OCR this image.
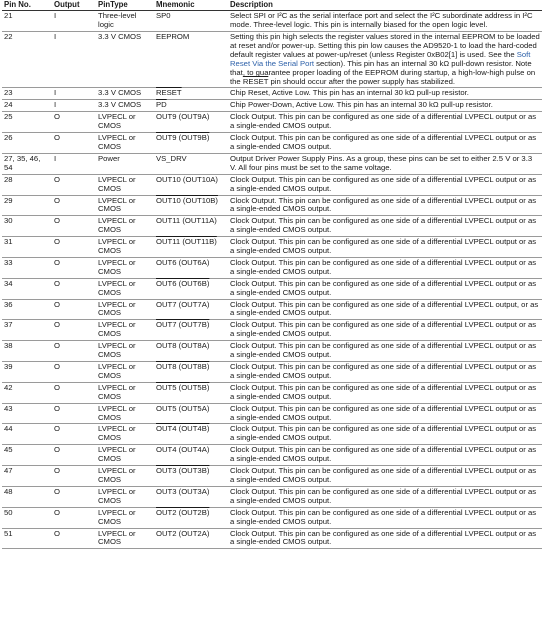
Pin No.	Output	PinType	Mnemonic	Description
21	I	Three-level logic	SP0	Select SPI or I²C as the serial interface port and select the I²C subordinate address in I²C mode. Three-level logic. This pin is internally biased for the open logic level.
22	I	3.3 V CMOS	EEPROM	Setting this pin high selects the register values stored in the internal EEPROM to be loaded at reset and/or power-up. Setting this pin low causes the AD9520-1 to load the hard-coded default register values at power-up/reset (unless Register 0xB02[1] is used. See the Soft Reset Via the Serial Port section). This pin has an internal 30 kΩ pull-down resistor. Note that, to guarantee proper loading of the EEPROM during startup, a high-low-high pulse on the RESET pin should occur after the power supply has stabilized.
23	I	3.3 V CMOS	RESET	Chip Reset, Active Low. This pin has an internal 30 kΩ pull-up resistor.
24	I	3.3 V CMOS	$\overline{PD}$	Chip Power-Down, Active Low. This pin has an internal 30 kΩ pull-up resistor.
25	O	LVPECL or CMOS	OUT9 (OUT9A)	Clock Output. This pin can be configured as one side of a differential LVPECL output or as a single-ended CMOS output.
26	O	LVPECL or CMOS	OUT9 (OUT9B)	Clock Output. This pin can be configured as one side of a differential LVPECL output or as a single-ended CMOS output.
27, 35, 46, 54	I	Power	VS_DRV	Output Driver Power Supply Pins. As a group, these pins can be set to either 2.5 V or 3.3 V. All four pins must be set to the same voltage.
28	O	LVPECL or CMOS	OUT10 (OUT10A)	Clock Output. This pin can be configured as one side of a differential LVPECL output or as a single-ended CMOS output.
29	O	LVPECL or CMOS	OUT10 (OUT10B)	Clock Output. This pin can be configured as one side of a differential LVPECL output or as a single-ended CMOS output.
30	O	LVPECL or CMOS	OUT11 (OUT11A)	Clock Output. This pin can be configured as one side of a differential LVPECL output or as a single-ended CMOS output.
31	O	LVPECL or CMOS	OUT11 (OUT11B)	Clock Output. This pin can be configured as one side of a differential LVPECL output or as a single-ended CMOS output.
33	O	LVPECL or CMOS	OUT6 (OUT6A)	Clock Output. This pin can be configured as one side of a differential LVPECL output or as a single-ended CMOS output.
34	O	LVPECL or CMOS	OUT6 (OUT6B)	Clock Output. This pin can be configured as one side of a differential LVPECL output or as a single-ended CMOS output.
36	O	LVPECL or CMOS	OUT7 (OUT7A)	Clock Output. This pin can be configured as one side of a differential LVPECL output, or as a single-ended CMOS output.
37	O	LVPECL or CMOS	OUT7 (OUT7B)	Clock Output. This pin can be configured as one side of a differential LVPECL output or as a single-ended CMOS output.
38	O	LVPECL or CMOS	OUT8 (OUT8A)	Clock Output. This pin can be configured as one side of a differential LVPECL output or as a single-ended CMOS output.
39	O	LVPECL or CMOS	OUT8 (OUT8B)	Clock Output. This pin can be configured as one side of a differential LVPECL output or as a single-ended CMOS output.
42	O	LVPECL or CMOS	OUT5 (OUT5B)	Clock Output. This pin can be configured as one side of a differential LVPECL output or as a single-ended CMOS output.
43	O	LVPECL or CMOS	OUT5 (OUT5A)	Clock Output. This pin can be configured as one side of a differential LVPECL output or as a single-ended CMOS output.
44	O	LVPECL or CMOS	OUT4 (OUT4B)	Clock Output. This pin can be configured as one side of a differential LVPECL output or as a single-ended CMOS output.
45	O	LVPECL or CMOS	OUT4 (OUT4A)	Clock Output. This pin can be configured as one side of a differential LVPECL output or as a single-ended CMOS output.
47	O	LVPECL or CMOS	OUT3 (OUT3B)	Clock Output. This pin can be configured as one side of a differential LVPECL output or as a single-ended CMOS output.
48	O	LVPECL or CMOS	OUT3 (OUT3A)	Clock Output. This pin can be configured as one side of a differential LVPECL output or as a single-ended CMOS output.
50	O	LVPECL or CMOS	OUT2 (OUT2B)	Clock Output. This pin can be configured as one side of a differential LVPECL output or as a single-ended CMOS output.
51	O	LVPECL or CMOS	OUT2 (OUT2A)	Clock Output. This pin can be configured as one side of a differential LVPECL output or as a single-ended CMOS output.
